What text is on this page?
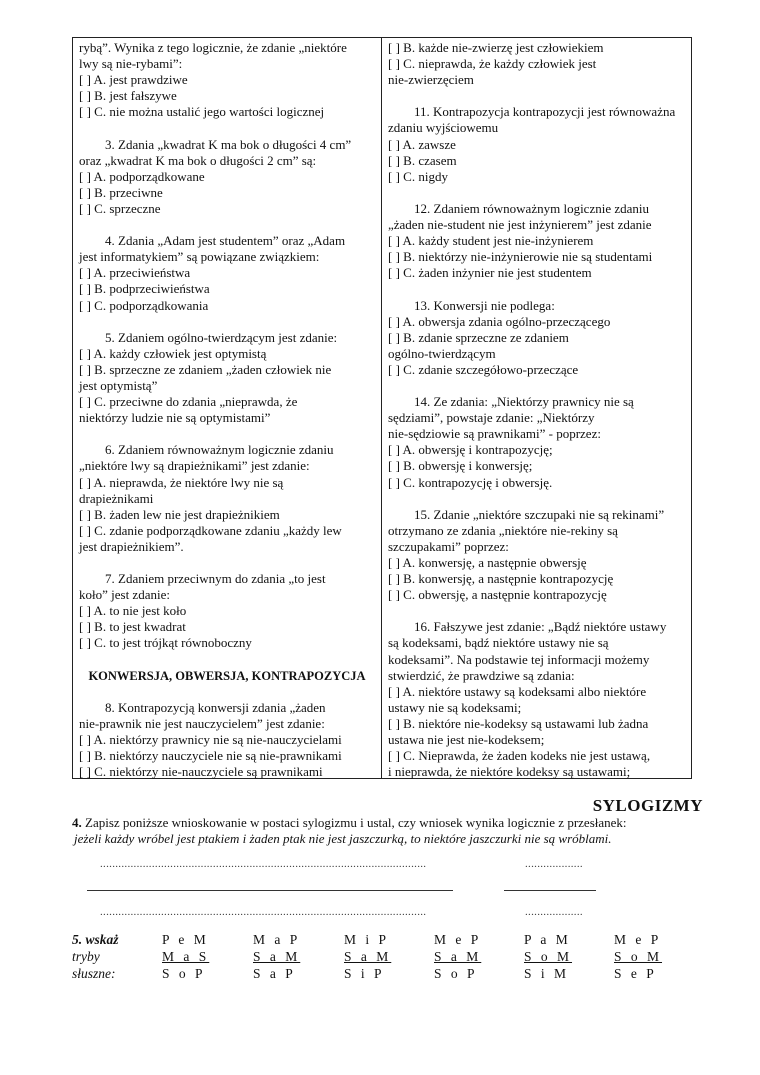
rybą”. Wynika z tego logicznie, że zdanie „niektóre
lwy są nie-rybami”:
[ ] A. jest prawdziwe
[ ] B. jest fałszywe
[ ] C. nie można ustalić jego wartości logicznej
3. Zdania „kwadrat K ma bok o długości 4 cm”
oraz „kwadrat K ma bok o długości 2 cm” są:
[ ] A. podporządkowane
[ ] B. przeciwne
[ ] C. sprzeczne
4. Zdania „Adam jest studentem” oraz „Adam
jest informatykiem” są powiązane związkiem:
[ ] A. przeciwieństwa
[ ] B. podprzeciwieństwa
[ ] C. podporządkowania
5. Zdaniem ogólno-twierdzącym jest zdanie:
[ ] A. każdy człowiek jest optymistą
[ ] B. sprzeczne ze zdaniem „żaden człowiek nie
jest optymistą”
[ ] C. przeciwne do zdania „nieprawda, że
niektórzy ludzie nie są optymistami”
6. Zdaniem równoważnym logicznie zdaniu
„niektóre lwy są drapieżnikami” jest zdanie:
[ ] A. nieprawda, że niektóre lwy nie są
drapieżnikami
[ ] B. żaden lew nie jest drapieżnikiem
[ ] C. zdanie podporządkowane zdaniu „każdy lew
jest drapieżnikiem”.
7. Zdaniem przeciwnym do zdania „to jest
koło” jest zdanie:
[ ] A. to nie jest koło
[ ] B. to jest kwadrat
[ ] C. to jest trójkąt równoboczny
KONWERSJA, OBWERSJA, KONTRAPOZYCJA
8. Kontrapozycją konwersji zdania „żaden
nie-prawnik nie jest nauczycielem” jest zdanie:
[ ] A. niektórzy prawnicy nie są nie-nauczycielami
[ ] B. niektórzy nauczyciele nie są nie-prawnikami
[ ] C. niektórzy nie-nauczyciele są prawnikami
[ ] B. każde nie-zwierzę jest człowiekiem
[ ] C. nieprawda, że każdy człowiek jest
nie-zwierzęciem
11. Kontrapozycja kontrapozycji jest równoważna
zdaniu wyjściowemu
[ ] A. zawsze
[ ] B. czasem
[ ] C. nigdy
12. Zdaniem równoważnym logicznie zdaniu
„żaden nie-student nie jest inżynierem” jest zdanie
[ ] A. każdy student jest nie-inżynierem
[ ] B. niektórzy nie-inżynierowie nie są studentami
[ ] C. żaden inżynier nie jest studentem
13. Konwersji nie podlega:
[ ] A. obwersja zdania ogólno-przeczącego
[ ] B. zdanie sprzeczne ze zdaniem
ogólno-twierdzącym
[ ] C. zdanie szczegółowo-przeczące
14. Ze zdania: „Niektórzy prawnicy nie są
sędziami”, powstaje zdanie: „Niektórzy
nie-sędziowie są prawnikami” - poprzez:
[ ] A. obwersję i kontrapozycję;
[ ] B. obwersję i konwersję;
[ ] C. kontrapozycję i obwersję.
15. Zdanie „niektóre szczupaki nie są rekinami”
otrzymano ze zdania „niektóre nie-rekiny są
szczupakami” poprzez:
[ ] A. konwersję, a następnie obwersję
[ ] B. konwersję, a następnie kontrapozycję
[ ] C. obwersję, a następnie kontrapozycję
16. Fałszywe jest zdanie: „Bądź niektóre ustawy
są kodeksami, bądź niektóre ustawy nie są
kodeksami”. Na podstawie tej informacji możemy
stwierdzić, że prawdziwe są zdania:
[ ] A. niektóre ustawy są kodeksami albo niektóre
ustawy nie są kodeksami;
[ ] B. niektóre nie-kodeksy są ustawami lub żadna
ustawa nie jest nie-kodeksem;
[ ] C. Nieprawda, że żaden kodeks nie jest ustawą,
i nieprawda, że niektóre kodeksy są ustawami;
SYLOGIZMY
4. Zapisz poniższe wnioskowanie w postaci sylogizmu i ustal, czy wniosek wynika logicznie z przesłanek:
jeżeli każdy wróbel jest ptakiem i żaden ptak nie jest jaszczurką, to niektóre jaszczurki nie są wróblami.
...........................................................................................................	...................
...........................................................................................................	...................
5. wskaż	P e M	M a P	M i P	M e P	P a M	M e P
tryby	M a S	S a M	S a M	S a M	S o M	S o M
słuszne:	S o P	S a P	S i P	S o P	S i M	S e P
